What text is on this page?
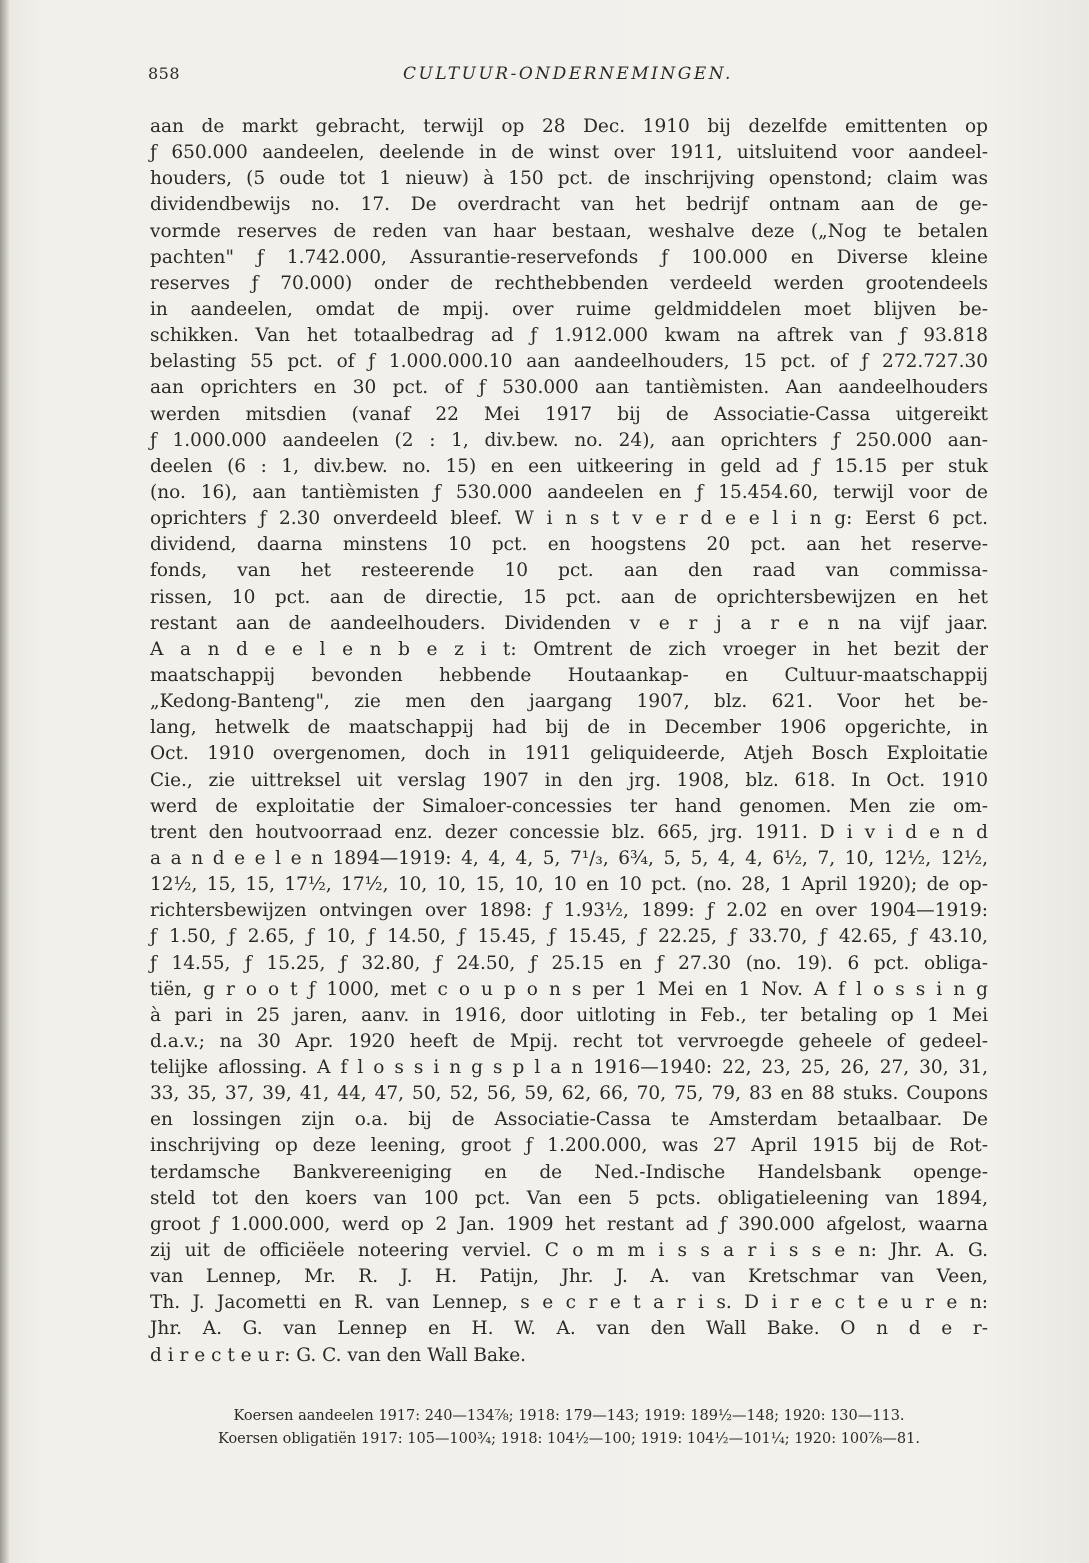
858	CULTUUR-ONDERNEMINGEN.
aan de markt gebracht, terwijl op 28 Dec. 1910 bij dezelfde emittenten op
ƒ 650.000 aandeelen, deelende in de winst over 1911, uitsluitend voor aandeel-
houders, (5 oude tot 1 nieuw) à 150 pct. de inschrijving openstond; claim was
dividendbewijs no. 17. De overdracht van het bedrijf ontnam aan de ge-
vormde reserves de reden van haar bestaan, weshalve deze („Nog te betalen
pachten" ƒ 1.742.000, Assurantie-reservefonds ƒ 100.000 en Diverse kleine
reserves ƒ 70.000) onder de rechthebbenden verdeeld werden grootendeels
in aandeelen, omdat de mpij. over ruime geldmiddelen moet blijven be-
schikken. Van het totaalbedrag ad ƒ 1.912.000 kwam na aftrek van ƒ 93.818
belasting 55 pct. of ƒ 1.000.000.10 aan aandeelhouders, 15 pct. of ƒ 272.727.30
aan oprichters en 30 pct. of ƒ 530.000 aan tantièmisten. Aan aandeelhouders
werden mitsdien (vanaf 22 Mei 1917 bij de Associatie-Cassa uitgereikt
ƒ 1.000.000 aandeelen (2 : 1, div.bew. no. 24), aan oprichters ƒ 250.000 aan-
deelen (6 : 1, div.bew. no. 15) en een uitkeering in geld ad ƒ 15.15 per stuk
(no. 16), aan tantièmisten ƒ 530.000 aandeelen en ƒ 15.454.60, terwijl voor de
oprichters ƒ 2.30 onverdeeld bleef. W i n s t v e r d e e l i n g: Eerst 6 pct.
dividend, daarna minstens 10 pct. en hoogstens 20 pct. aan het reserve-
fonds, van het resteerende 10 pct. aan den raad van commissa-
rissen, 10 pct. aan de directie, 15 pct. aan de oprichtersbewijzen en het
restant aan de aandeelhouders. Dividenden v e r j a r e n na vijf jaar.
A a n d e e l e n b e z i t: Omtrent de zich vroeger in het bezit der
maatschappij bevonden hebbende Houtaankap- en Cultuur-maatschappij
„Kedong-Banteng", zie men den jaargang 1907, blz. 621. Voor het be-
lang, hetwelk de maatschappij had bij de in December 1906 opgerichte, in
Oct. 1910 overgenomen, doch in 1911 geliquideerde, Atjeh Bosch Exploitatie
Cie., zie uittreksel uit verslag 1907 in den jrg. 1908, blz. 618. In Oct. 1910
werd de exploitatie der Simaloer-concessies ter hand genomen. Men zie om-
trent den houtvoorraad enz. dezer concessie blz. 665, jrg. 1911. D i v i d e n d
a a n d e e l e n 1894—1919: 4, 4, 4, 5, 7¹/₃, 6¾, 5, 5, 4, 4, 6½, 7, 10, 12½, 12½,
12½, 15, 15, 17½, 17½, 10, 10, 15, 10, 10 en 10 pct. (no. 28, 1 April 1920); de op-
richtersbewijzen ontvingen over 1898: ƒ 1.93½, 1899: ƒ 2.02 en over 1904—1919:
ƒ 1.50, ƒ 2.65, ƒ 10, ƒ 14.50, ƒ 15.45, ƒ 15.45, ƒ 22.25, ƒ 33.70, ƒ 42.65, ƒ 43.10,
ƒ 14.55, ƒ 15.25, ƒ 32.80, ƒ 24.50, ƒ 25.15 en ƒ 27.30 (no. 19). 6 pct. obliga-
tiën, g r o o t ƒ 1000, met c o u p o n s per 1 Mei en 1 Nov. A f l o s s i n g
à pari in 25 jaren, aanv. in 1916, door uitloting in Feb., ter betaling op 1 Mei
d.a.v.; na 30 Apr. 1920 heeft de Mpij. recht tot vervroegde geheele of gedeel-
telijke aflossing. A f l o s s i n g s p l a n 1916—1940: 22, 23, 25, 26, 27, 30, 31,
33, 35, 37, 39, 41, 44, 47, 50, 52, 56, 59, 62, 66, 70, 75, 79, 83 en 88 stuks. Coupons
en lossingen zijn o.a. bij de Associatie-Cassa te Amsterdam betaalbaar. De
inschrijving op deze leening, groot ƒ 1.200.000, was 27 April 1915 bij de Rot-
terdamsche Bankvereeniging en de Ned.-Indische Handelsbank openge-
steld tot den koers van 100 pct. Van een 5 pcts. obligatieleening van 1894,
groot ƒ 1.000.000, werd op 2 Jan. 1909 het restant ad ƒ 390.000 afgelost, waarna
zij uit de officiëele noteering verviel. C o m m i s s a r i s s e n: Jhr. A. G.
van Lennep, Mr. R. J. H. Patijn, Jhr. J. A. van Kretschmar van Veen,
Th. J. Jacometti en R. van Lennep, s e c r e t a r i s. D i r e c t e u r e n:
Jhr. A. G. van Lennep en H. W. A. van den Wall Bake. O n d e r-
d i r e c t e u r: G. C. van den Wall Bake.
Koersen aandeelen 1917: 240—134⅞; 1918: 179—143; 1919: 189½—148; 1920: 130—113.
Koersen obligatiën 1917: 105—100¾; 1918: 104½—100; 1919: 104½—101¼; 1920: 100⅞—81.
